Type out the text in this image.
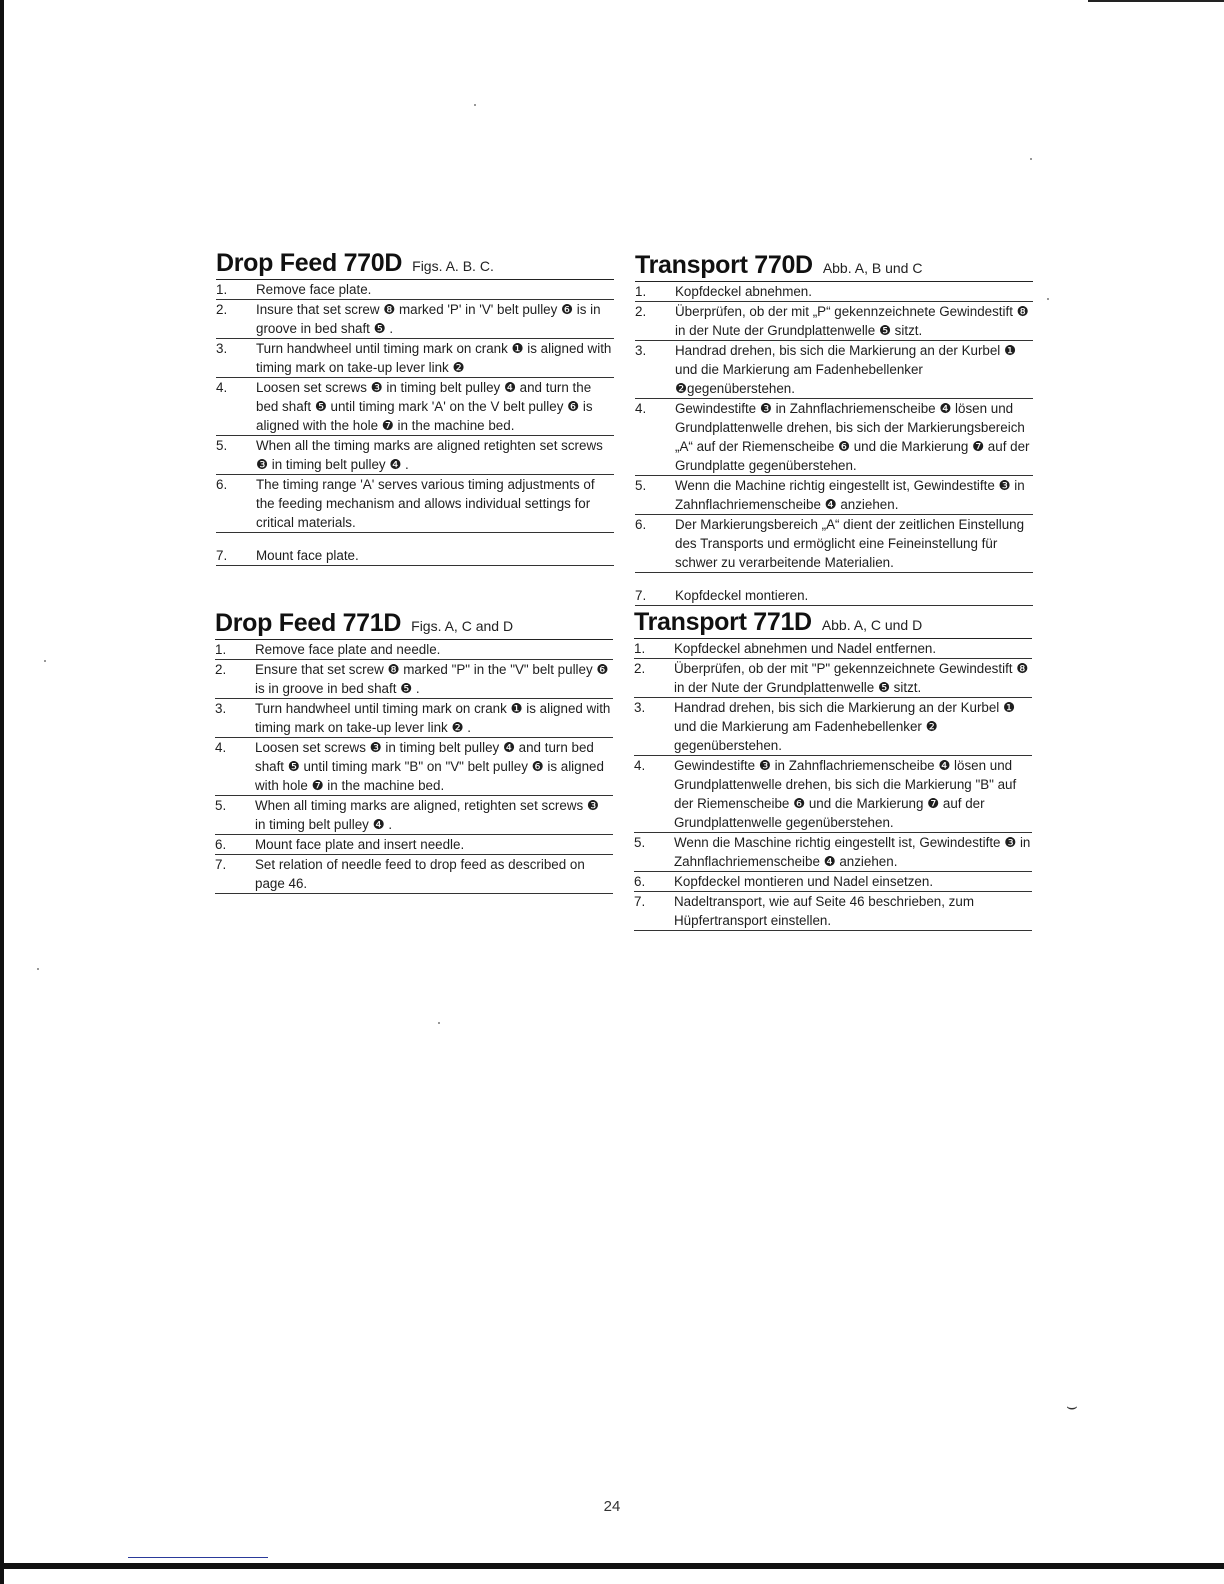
⌣
Drop Feed 770D Figs. A. B. C.
1.	Remove face plate.
2.	Insure that set screw ❽ marked 'P' in 'V' belt pulley ❻ is in groove in bed shaft ❺ .
3.	Turn handwheel until timing mark on crank ❶ is aligned with timing mark on take-up lever link ❷
4.	Loosen set screws ❸ in timing belt pulley ❹ and turn the bed shaft ❺ until timing mark 'A' on the V belt pulley ❻ is aligned with the hole ❼ in the machine bed.
5.	When all the timing marks are aligned retighten set screws ❸ in timing belt pulley ❹ .
6.	The timing range 'A' serves various timing adjustments of the feeding mechanism and allows individual settings for critical materials.
7.	Mount face plate.
Transport 770D Abb. A, B und C
1.	Kopfdeckel abnehmen.
2.	Überprüfen, ob der mit „P“ gekennzeichnete Gewindestift ❽ in der Nute der Grundplattenwelle ❺ sitzt.
3.	Handrad drehen, bis sich die Markierung an der Kurbel ❶ und die Markierung am Fadenhebellenker ❷gegenüberstehen.
4.	Gewindestifte ❸ in Zahnflachriemenscheibe ❹ lösen und Grundplattenwelle drehen, bis sich der Markierungsbereich „A“ auf der Riemenscheibe ❻ und die Markierung ❼ auf der Grundplatte gegenüberstehen.
5.	Wenn die Machine richtig eingestellt ist, Gewindestifte ❸ in Zahnflachriemenscheibe ❹ anziehen.
6.	Der Markierungsbereich „A“ dient der zeitlichen Einstellung des Transports und ermöglicht eine Feineinstellung für schwer zu verarbeitende Materialien.
7.	Kopfdeckel montieren.
Drop Feed 771D Figs. A, C and D
1.	Remove face plate and needle.
2.	Ensure that set screw ❽ marked "P" in the "V" belt pulley ❻ is in groove in bed shaft ❺ .
3.	Turn handwheel until timing mark on crank ❶ is aligned with timing mark on take-up lever link ❷ .
4.	Loosen set screws ❸ in timing belt pulley ❹ and turn bed shaft ❺ until timing mark "B" on "V" belt pulley ❻ is aligned with hole ❼ in the machine bed.
5.	When all timing marks are aligned, retighten set screws ❸ in timing belt pulley ❹ .
6.	Mount face plate and insert needle.
7.	Set relation of needle feed to drop feed as described on page 46.
Transport 771D Abb. A, C und D
1.	Kopfdeckel abnehmen und Nadel entfernen.
2.	Überprüfen, ob der mit "P" gekennzeichnete Gewindestift ❽ in der Nute der Grundplattenwelle ❺ sitzt.
3.	Handrad drehen, bis sich die Markierung an der Kurbel ❶ und die Markierung am Fadenhebellenker ❷ gegenüberstehen.
4.	Gewindestifte ❸ in Zahnflachriemenscheibe ❹ lösen und Grundplattenwelle drehen, bis sich die Markierung "B" auf der Riemenscheibe ❻ und die Markierung ❼ auf der Grundplattenwelle gegenüberstehen.
5.	Wenn die Maschine richtig eingestellt ist, Gewindestifte ❸ in Zahnflachriemenscheibe ❹ anziehen.
6.	Kopfdeckel montieren und Nadel einsetzen.
7.	Nadeltransport, wie auf Seite 46 beschrieben, zum Hüpfertransport einstellen.
24
